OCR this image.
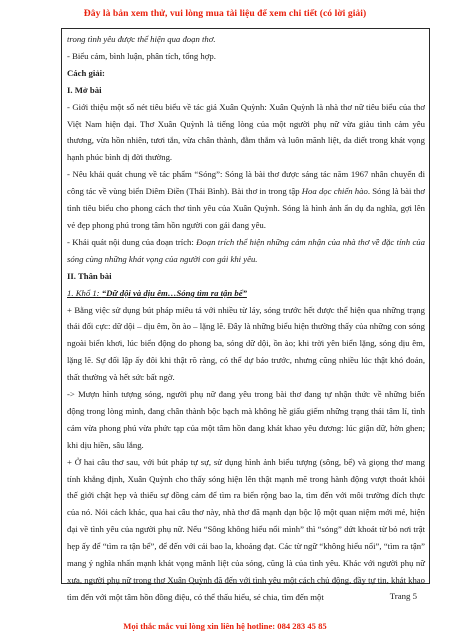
Đây là bản xem thử, vui lòng mua tài liệu để xem chi tiết (có lời giải)

trong tình yêu được thể hiện qua đoạn thơ.

- Biểu cảm, bình luận, phân tích, tổng hợp.

Cách giải:

I. Mở bài

- Giới thiệu một số nét tiêu biểu về tác giả Xuân Quỳnh: Xuân Quỳnh là nhà thơ nữ tiêu biểu của thơ Việt Nam hiện đại. Thơ Xuân Quỳnh là tiếng lòng của một người phụ nữ vừa giàu tình cảm yêu thương, vừa hồn nhiên, tươi tắn, vừa chân thành, đằm thắm và luôn mãnh liệt, da diết trong khát vọng hạnh phúc bình dị đời thường.

- Nêu khái quát chung về tác phẩm “Sóng”: Sóng là bài thơ được sáng tác năm 1967 nhân chuyến đi công tác về vùng biển Diêm Điền (Thái Bình). Bài thơ in trong tập Hoa dọc chiến hào. Sóng là bài thơ tình tiêu biểu cho phong cách thơ tình yêu của Xuân Quỳnh. Sóng là hình ảnh ẩn dụ đa nghĩa, gợi lên vẻ đẹp phong phú trong tâm hồn người con gái đang yêu.

- Khái quát nội dung của đoạn trích: Đoạn trích thể hiện những cảm nhận của nhà thơ về đặc tính của sóng cùng những khát vọng của người con gái khi yêu.

II. Thân bài

1. Khổ 1: “Dữ dội và dịu êm…Sóng tìm ra tận bể”

+ Bằng việc sử dụng bút pháp miêu tả với nhiều từ láy, sóng trước hết được thể hiện qua những trạng thái đối cực: dữ dội – dịu êm, ồn ào – lặng lẽ. Đây là những biểu hiện thường thấy của những con sóng ngoài biển khơi, lúc biển động do phong ba, sóng dữ dội, ồn ào; khi trời yên biển lặng, sóng dịu êm, lặng lẽ. Sự đối lập ấy đôi khi thật rõ ràng, có thể dự báo trước, nhưng cũng nhiều lúc thật khó đoán, thất thường và hết sức bất ngờ.

-> Mượn hình tượng sóng, người phụ nữ đang yêu trong bài thơ đang tự nhận thức về những biến động trong lòng mình, đang chân thành bộc bạch mà không hề giấu giếm những trạng thái tâm lí, tình cảm vừa phong phú vừa phức tạp của một tâm hồn đang khát khao yêu đương: lúc giận dữ, hờn ghen; khi dịu hiền, sâu lắng.

+ Ở hai câu thơ sau, với bút pháp tự sự, sử dụng hình ảnh biểu tượng (sông, bể) và giọng thơ mang tính khẳng định, Xuân Quỳnh cho thấy sóng hiện lên thật mạnh mẽ trong hành động vượt thoát khỏi thế giới chật hẹp và thiếu sự đồng cảm để tìm ra biển rộng bao la, tìm đến với môi trường đích thực của nó. Nói cách khác, qua hai câu thơ này, nhà thơ đã mạnh dạn bộc lộ một quan niệm mới mẻ, hiện đại về tình yêu của người phụ nữ. Nếu “Sông không hiểu nổi mình” thì “sóng” dứt khoát từ bỏ nơi trật hẹp ấy để “tìm ra tận bể”, để đến với cái bao la, khoảng đạt. Các từ ngữ “không hiểu nổi”, “tìm ra tận” mang ý nghĩa nhấn mạnh khát vọng mãnh liệt của sóng, cũng là của tình yêu. Khác với người phụ nữ xưa, người phụ nữ trong thơ Xuân Quỳnh đã đến với tình yêu một cách chủ động, đầy tự tin, khát khao tìm đến với một tâm hồn đồng điệu, có thể thấu hiểu, sẻ chia, tìm đến một	Trang 5
Mọi thắc mắc vui lòng xin liên hệ hotline: 084 283 45 85
